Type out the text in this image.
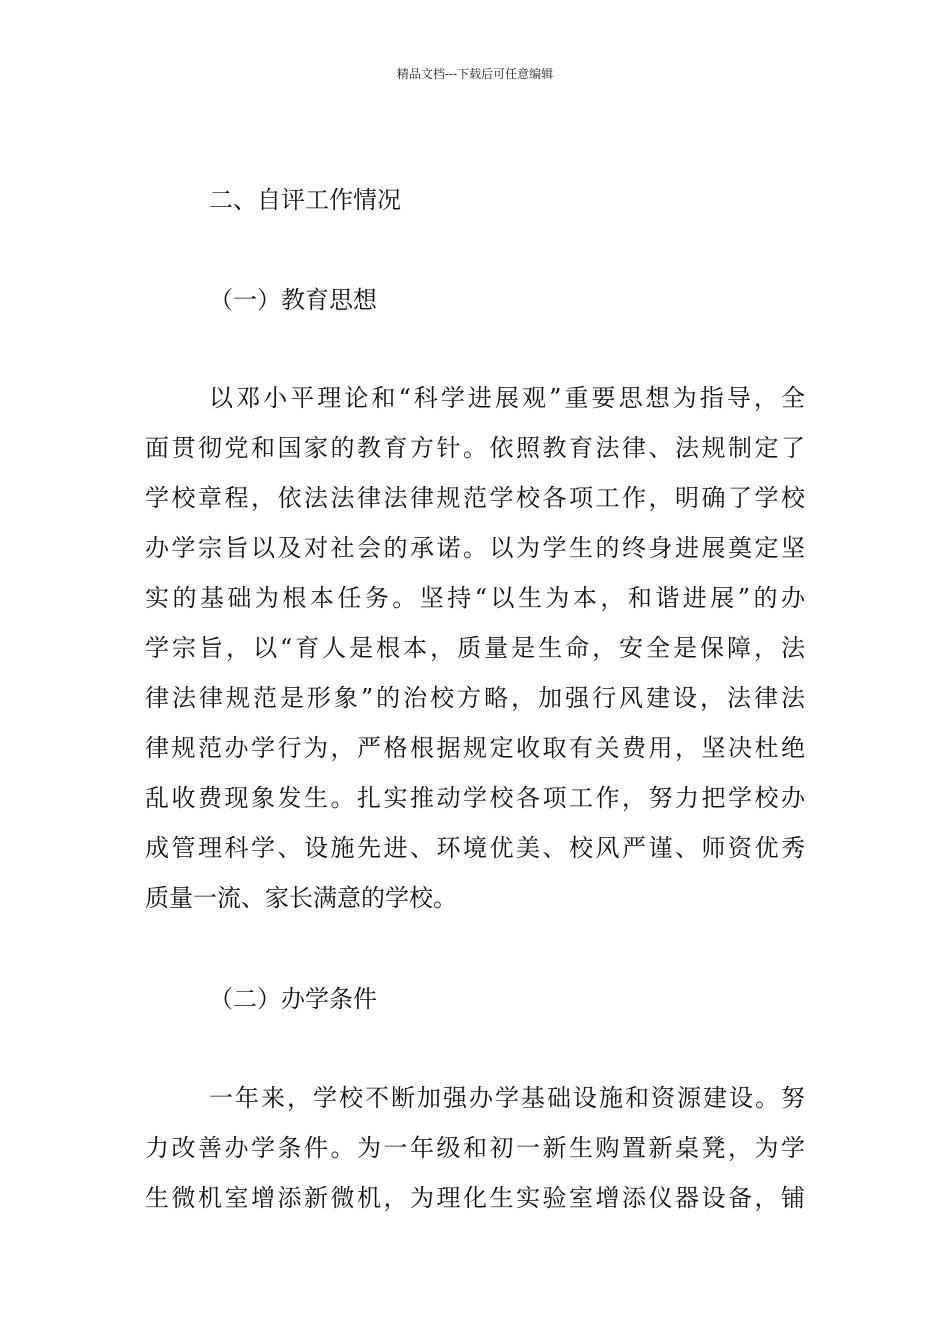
精品文档---下载后可任意编辑
二、自评工作情况
（一）教育思想
以邓小平理论和“科学进展观”重要思想为指导，全
面贯彻党和国家的教育方针。依照教育法律、法规制定了
学校章程，依法法律法律规范学校各项工作，明确了学校
办学宗旨以及对社会的承诺。以为学生的终身进展奠定坚
实的基础为根本任务。坚持“以生为本，和谐进展”的办
学宗旨，以“育人是根本，质量是生命，安全是保障，法
律法律规范是形象”的治校方略，加强行风建设，法律法
律规范办学行为，严格根据规定收取有关费用，坚决杜绝
乱收费现象发生。扎实推动学校各项工作，努力把学校办
成管理科学、设施先进、环境优美、校风严谨、师资优秀
质量一流、家长满意的学校。
（二）办学条件
一年来，学校不断加强办学基础设施和资源建设。努
力改善办学条件。为一年级和初一新生购置新桌凳，为学
生微机室增添新微机，为理化生实验室增添仪器设备，铺
